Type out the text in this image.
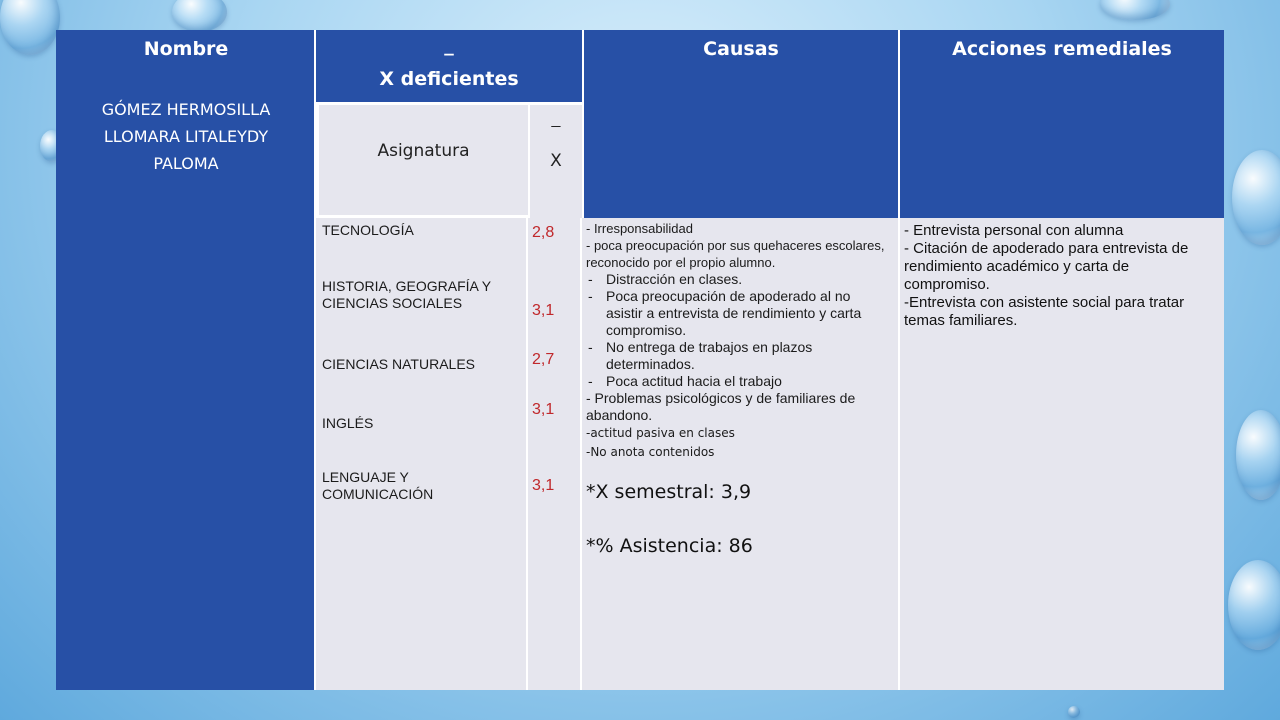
Nombre
GÓMEZ HERMOSILLA LLOMARA LITALEYDY PALOMA
_
X deficientes
Asignatura
_
X
Causas	Acciones remediales
TECNOLOGÍA
HISTORIA, GEOGRAFÍA Y CIENCIAS SOCIALES
CIENCIAS NATURALES
INGLÉS
LENGUAJE Y COMUNICACIÓN
2,8
3,1
2,7
3,1
3,1
- Irresponsabilidad
- poca preocupación por sus quehaceres escolares, reconocido por el propio alumno.
- Distracción en clases.
- Poca preocupación de apoderado al no asistir a entrevista de rendimiento y carta compromiso.
- No entrega de trabajos en plazos determinados.
- Poca actitud hacia el trabajo
- Problemas psicológicos y de familiares de abandono.
-actitud pasiva en clases
-No anota contenidos
*X semestral: 3,9
*% Asistencia: 86
- Entrevista personal con alumna
- Citación de apoderado para entrevista de rendimiento académico y carta de compromiso.
-Entrevista con asistente social para tratar temas familiares.
